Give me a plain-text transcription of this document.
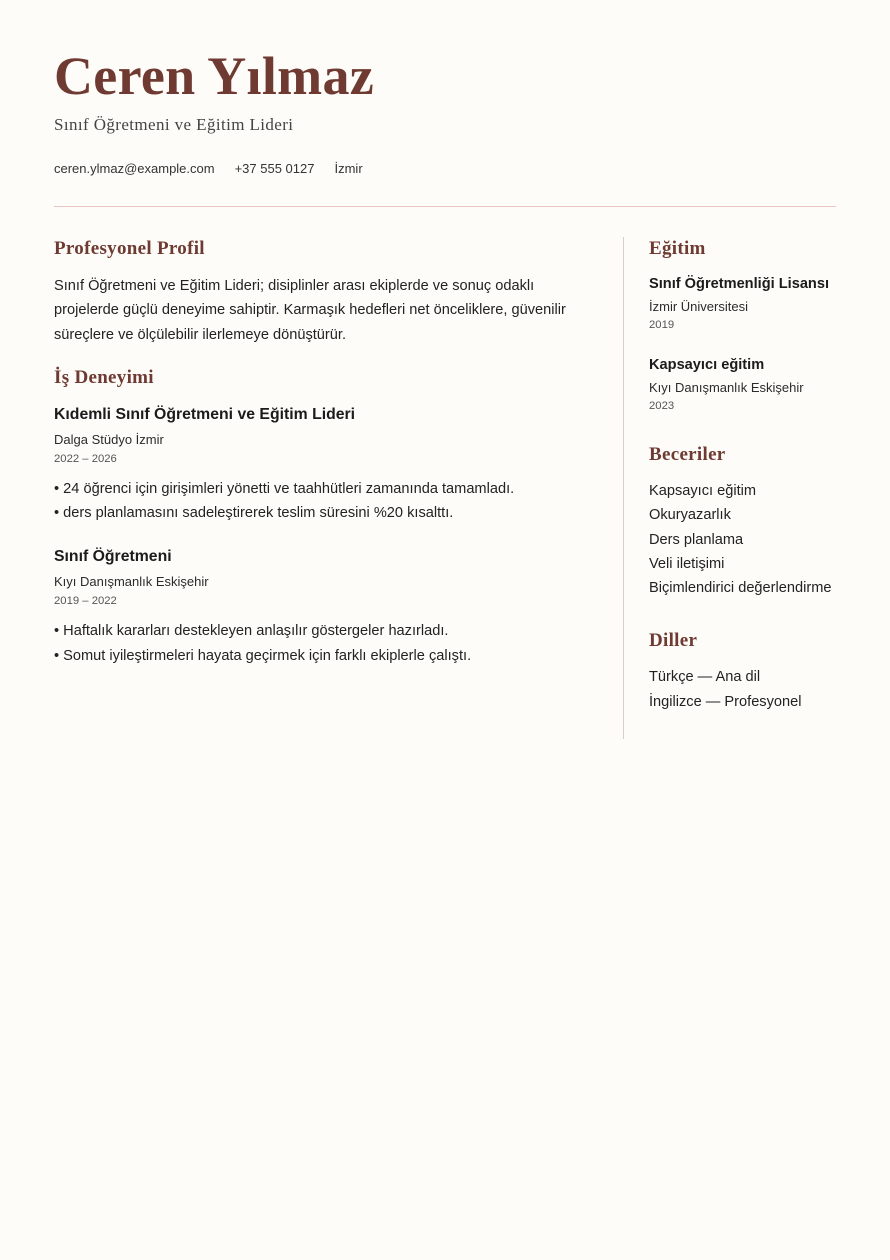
Ceren Yılmaz
Sınıf Öğretmeni ve Eğitim Lideri
ceren.ylmaz@example.com +37 555 0127 İzmir
Profesyonel Profil

Sınıf Öğretmeni ve Eğitim Lideri; disiplinler arası ekiplerde ve sonuç odaklı projelerde güçlü deneyime sahiptir. Karmaşık hedefleri net önceliklere, güvenilir süreçlere ve ölçülebilir ilerlemeye dönüştürür.

İş Deneyimi
Kıdemli Sınıf Öğretmeni ve Eğitim Lideri
Dalga Stüdyo İzmir
2022 – 2026
• 24 öğrenci için girişimleri yönetti ve taahhütleri zamanında tamamladı.
• ders planlamasını sadeleştirerek teslim süresini %20 kısalttı.
Sınıf Öğretmeni
Kıyı Danışmanlık Eskişehir
2019 – 2022
• Haftalık kararları destekleyen anlaşılır göstergeler hazırladı.
• Somut iyileştirmeleri hayata geçirmek için farklı ekiplerle çalıştı.
Eğitim
Sınıf Öğretmenliği Lisansı
İzmir Üniversitesi
2019
Kapsayıcı eğitim
Kıyı Danışmanlık Eskişehir
2023
Beceriler
Kapsayıcı eğitim
Okuryazarlık
Ders planlama
Veli iletişimi
Biçimlendirici değerlendirme
Diller
Türkçe — Ana dil
İngilizce — Profesyonel
